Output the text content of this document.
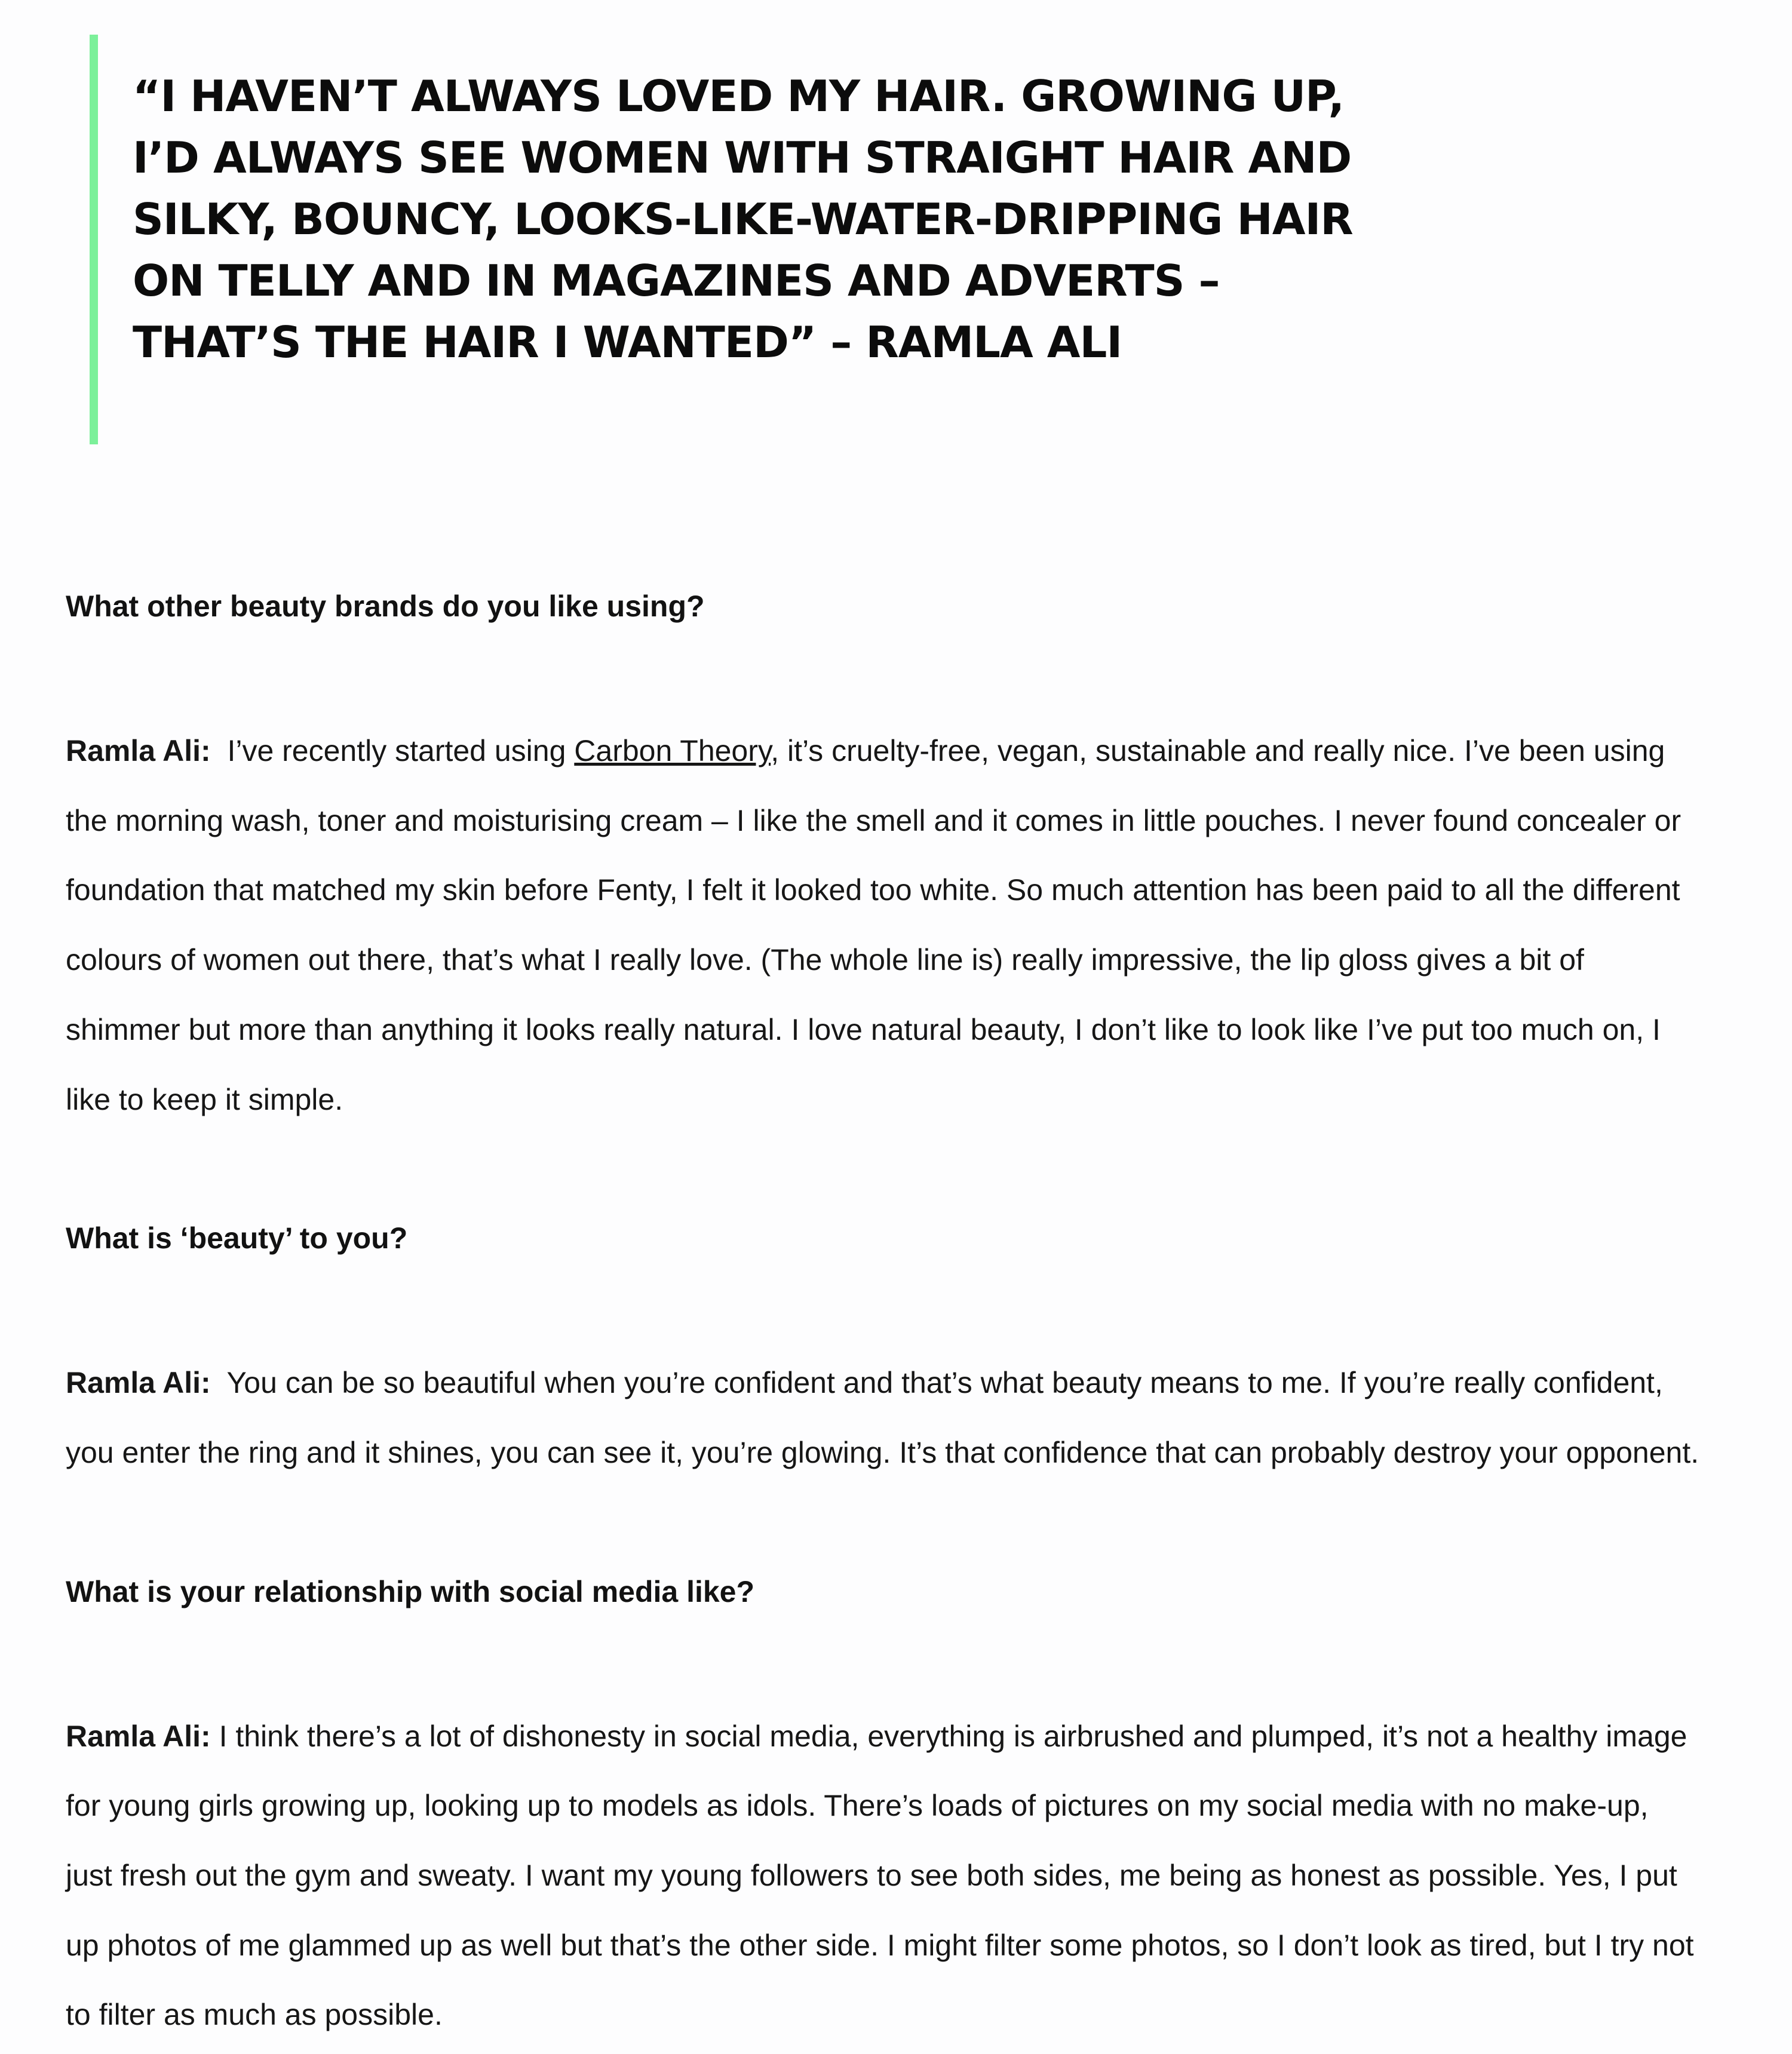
“I HAVEN’T ALWAYS LOVED MY HAIR. GROWING UP, I’D ALWAYS SEE WOMEN WITH STRAIGHT HAIR AND SILKY, BOUNCY, LOOKS-LIKE-WATER-DRIPPING HAIR ON TELLY AND IN MAGAZINES AND ADVERTS – THAT’S THE HAIR I WANTED” – RAMLA ALI

What other beauty brands do you like using?

Ramla Ali: I’ve recently started using Carbon Theory, it’s cruelty-free, vegan, sustainable and really nice. I’ve been using the morning wash, toner and moisturising cream – I like the smell and it comes in little pouches. I never found concealer or foundation that matched my skin before Fenty, I felt it looked too white. So much attention has been paid to all the different colours of women out there, that’s what I really love. (The whole line is) really impressive, the lip gloss gives a bit of shimmer but more than anything it looks really natural. I love natural beauty, I don’t like to look like I’ve put too much on, I like to keep it simple.

What is ‘beauty’ to you?

Ramla Ali: You can be so beautiful when you’re confident and that’s what beauty means to me. If you’re really confident, you enter the ring and it shines, you can see it, you’re glowing. It’s that confidence that can probably destroy your opponent.

What is your relationship with social media like?

Ramla Ali: I think there’s a lot of dishonesty in social media, everything is airbrushed and plumped, it’s not a healthy image for young girls growing up, looking up to models as idols. There’s loads of pictures on my social media with no make-up, just fresh out the gym and sweaty. I want my young followers to see both sides, me being as honest as possible. Yes, I put up photos of me glammed up as well but that’s the other side. I might filter some photos, so I don’t look as tired, but I try not to filter as much as possible.
